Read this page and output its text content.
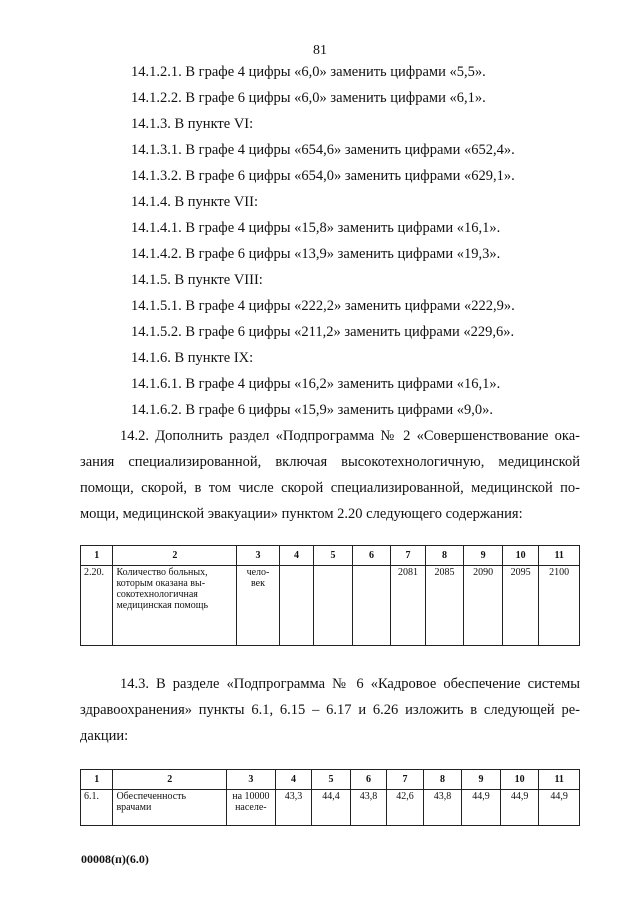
81
14.1.2.1. В графе 4 цифры «6,0» заменить цифрами «5,5».
14.1.2.2. В графе 6 цифры «6,0» заменить цифрами «6,1».
14.1.3. В пункте VI:
14.1.3.1. В графе 4 цифры «654,6» заменить цифрами «652,4».
14.1.3.2. В графе 6 цифры «654,0» заменить цифрами «629,1».
14.1.4. В пункте VII:
14.1.4.1. В графе 4 цифры «15,8» заменить цифрами «16,1».
14.1.4.2. В графе 6 цифры «13,9» заменить цифрами «19,3».
14.1.5. В пункте VIII:
14.1.5.1. В графе 4 цифры «222,2» заменить цифрами «222,9».
14.1.5.2. В графе 6 цифры «211,2» заменить цифрами «229,6».
14.1.6. В пункте IX:
14.1.6.1. В графе 4 цифры «16,2» заменить цифрами «16,1».
14.1.6.2. В графе 6 цифры «15,9» заменить цифрами «9,0».
14.2. Дополнить раздел «Подпрограмма № 2 «Совершенствование ока-
зания специализированной, включая высокотехнологичную, медицинской
помощи, скорой, в том числе скорой специализированной, медицинской по-
мощи, медицинской эвакуации» пунктом 2.20 следующего содержания:
1	2	3	4	5	6	7	8	9	10	11
2.20.	Количество больных, которым оказана вы-сокотехнологичная медицинская помощь	чело-век				2081	2085	2090	2095	2100
14.3. В разделе «Подпрограмма № 6 «Кадровое обеспечение системы
здравоохранения» пункты 6.1, 6.15 – 6.17 и 6.26 изложить в следующей ре-
дакции:
1	2	3	4	5	6	7	8	9	10	11
6.1.	Обеспеченность врачами	на 10000 населе-	43,3	44,4	43,8	42,6	43,8	44,9	44,9	44,9
00008(п)(6.0)
